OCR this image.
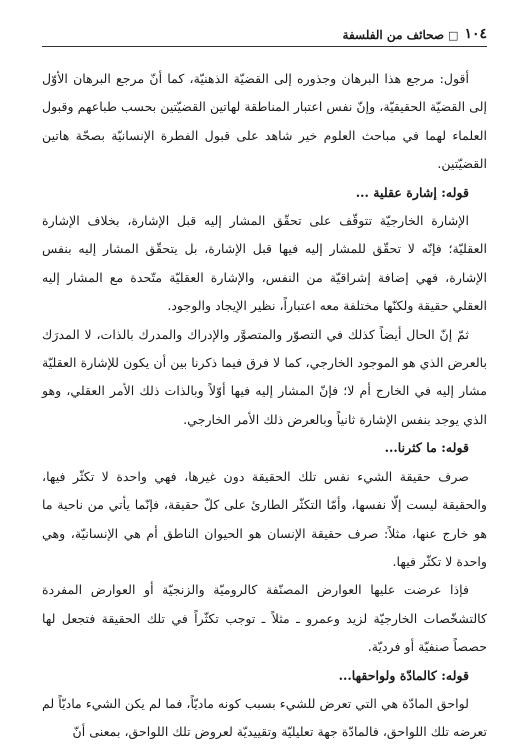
١٠٤
□
صحائف من الفلسفة

أقول: مرجع هذا البرهان وجذوره إلى القضيّة الذهنيّة، كما أنّ مرجع البرهان الأوّل إلى القضيّة الحقيقيّة، وإنّ نفس اعتبار المناطقة لهاتين القضيّتين بحسب طباعهم وقبول العلماء لهما في مباحث العلوم خير شاهد على قبول الفطرة الإنسانيّة بصحّة هاتين القضيّتين.

قوله: إشارة عقلية ...

الإشارة الخارجيّة تتوقّف على تحقّق المشار إليه قبل الإشارة، بخلاف الإشارة العقليّة؛ فإنّه لا تحقّق للمشار إليه فيها قبل الإشارة، بل يتحقّق المشار إليه بنفس الإشارة، فهي إضافة إشراقيّة من النفس، والإشارة العقليّة متّحدة مع المشار إليه العقلي حقيقة ولكنّها مختلفة معه اعتباراً، نظير الإيجاد والوجود.

ثمّ إنّ الحال أيضاً كذلك في التصوّر والمتصوَّر والإدراك والمدرك بالذات، لا المدرَك بالعرض الذي هو الموجود الخارجي، كما لا فرق فيما ذكرنا بين أن يكون للإشارة العقليّة مشار إليه في الخارج أم لا؛ فإنّ المشار إليه فيها أوّلاً وبالذات ذلك الأمر العقلي، وهو الذي يوجد بنفس الإشارة ثانياً وبالعرض ذلك الأمر الخارجي.

قوله: ما كثرنا...

صرف حقيقة الشيء نفس تلك الحقيقة دون غيرها، فهي واحدة لا تكثّر فيها، والحقيقة ليست إلّا نفسها، وأمّا التكثّر الطارئ على كلّ حقيقة، فإنّما يأتي من ناحية ما هو خارج عنها، مثلاً: صرف حقيقة الإنسان هو الحيوان الناطق أم هي الإنسانيّة، وهي واحدة لا تكثّر فيها.

فإذا عرضت عليها العوارض المصنّفة كالروميّة والزنجيّة أو العوارض المفردة كالتشخّصات الخارجيّة لزيد وعمرو ـ مثلاً ـ توجب تكثّراً في تلك الحقيقة فتجعل لها حصصاً صنفيّة أو فرديّة.

قوله: كالمادّة ولواحقها...

لواحق المادّة هي التي تعرض للشيء بسبب كونه ماديّاً، فما لم يكن الشيء ماديّاً لم تعرضه تلك اللواحق، فالمادّة جهة تعليليّة وتقييديّة لعروض تلك اللواحق، بمعنى أنّ
